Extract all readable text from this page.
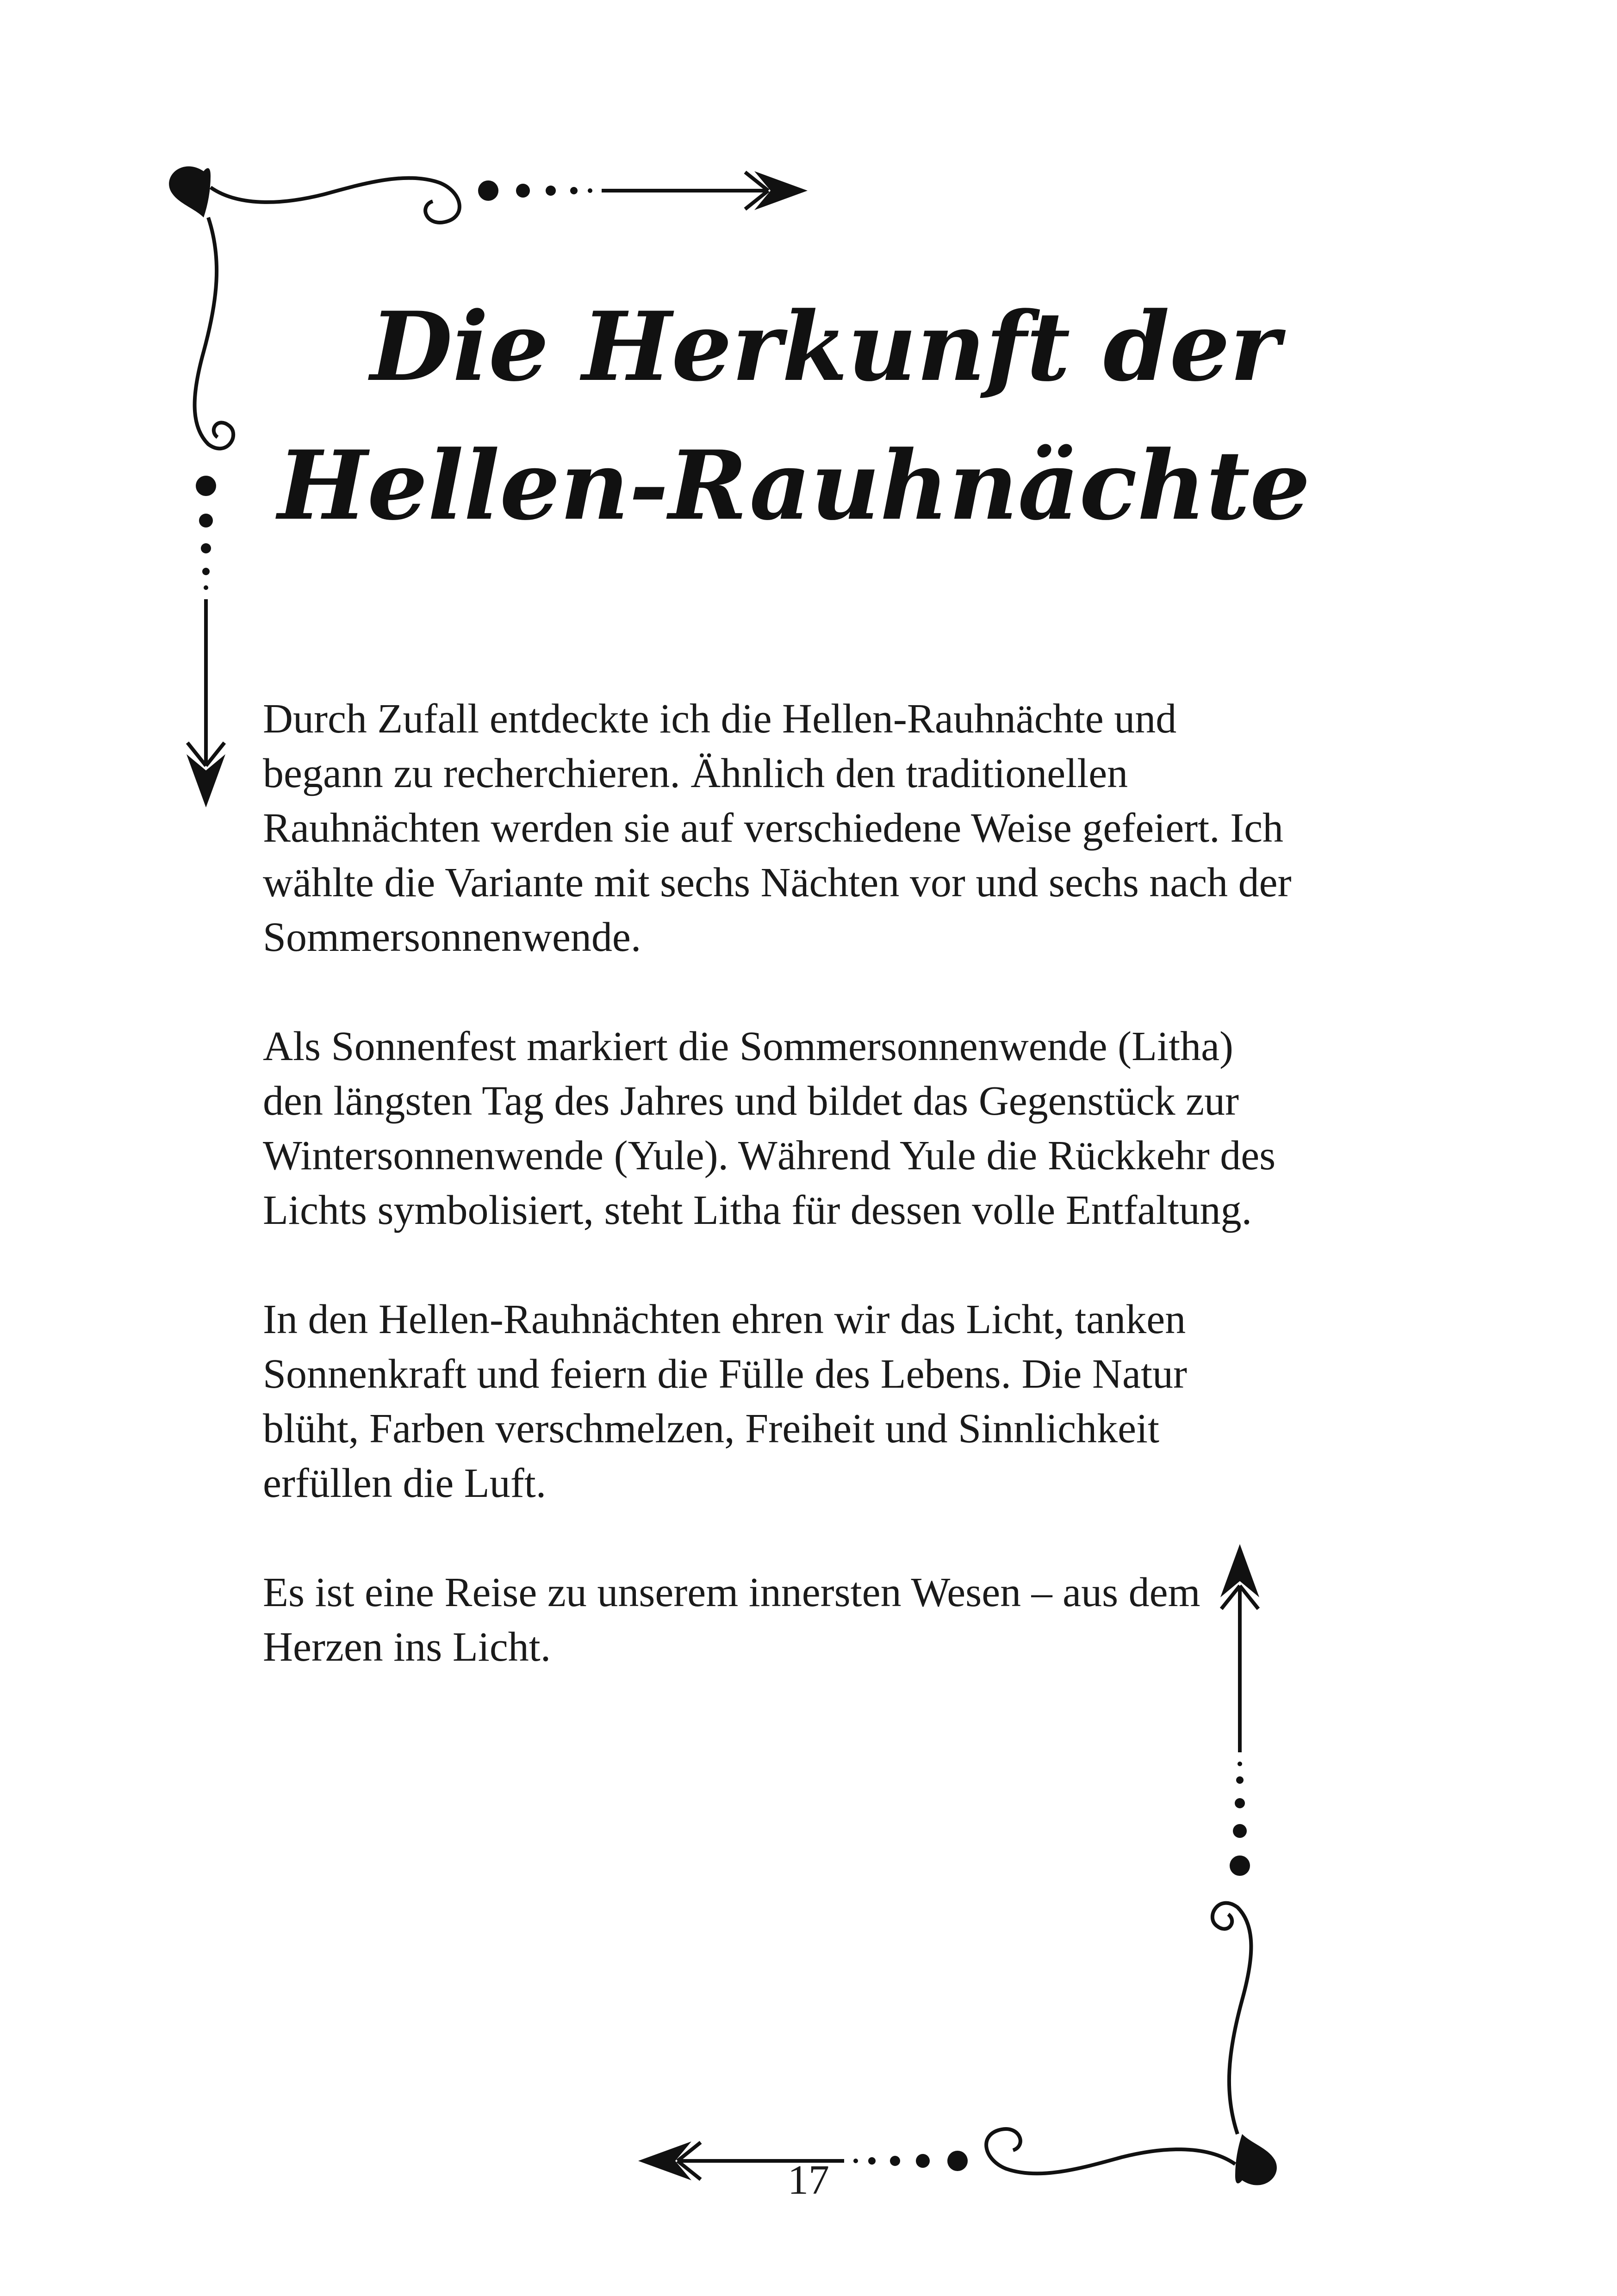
Die Herkunft der
Hellen-Rauhnächte

Durch Zufall entdeckte ich die Hellen-Rauhnächte und
begann zu recherchieren. Ähnlich den traditionellen
Rauhnächten werden sie auf verschiedene Weise gefeiert. Ich
wählte die Variante mit sechs Nächten vor und sechs nach der
Sommersonnenwende.

Als Sonnenfest markiert die Sommersonnenwende (Litha)
den längsten Tag des Jahres und bildet das Gegenstück zur
Wintersonnenwende (Yule). Während Yule die Rückkehr des
Lichts symbolisiert, steht Litha für dessen volle Entfaltung.

In den Hellen-Rauhnächten ehren wir das Licht, tanken
Sonnenkraft und feiern die Fülle des Lebens. Die Natur
blüht, Farben verschmelzen, Freiheit und Sinnlichkeit
erfüllen die Luft.

Es ist eine Reise zu unserem innersten Wesen – aus dem
Herzen ins Licht.

17
